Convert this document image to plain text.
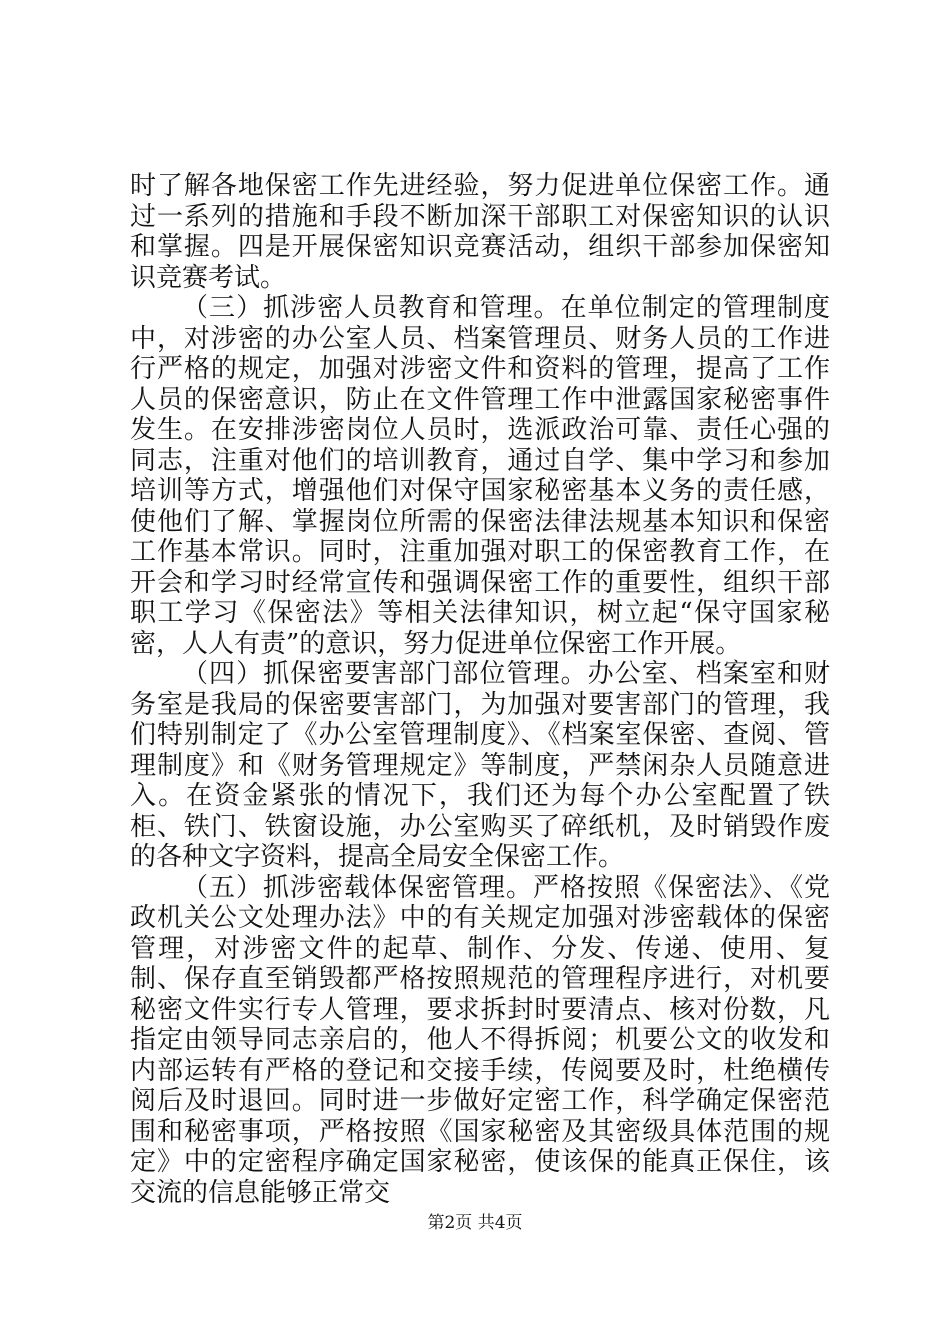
时了解各地保密工作先进经验，努力促进单位保密工作。通过一系列的措施和手段不断加深干部职工对保密知识的认识和掌握。四是开展保密知识竞赛活动，组织干部参加保密知识竞赛考试。

（三）抓涉密人员教育和管理。在单位制定的管理制度中，对涉密的办公室人员、档案管理员、财务人员的工作进行严格的规定，加强对涉密文件和资料的管理，提高了工作人员的保密意识，防止在文件管理工作中泄露国家秘密事件发生。在安排涉密岗位人员时，选派政治可靠、责任心强的同志，注重对他们的培训教育，通过自学、集中学习和参加培训等方式，增强他们对保守国家秘密基本义务的责任感，使他们了解、掌握岗位所需的保密法律法规基本知识和保密工作基本常识。同时，注重加强对职工的保密教育工作，在开会和学习时经常宣传和强调保密工作的重要性，组织干部职工学习《保密法》等相关法律知识，树立起“保守国家秘密，人人有责”的意识，努力促进单位保密工作开展。

（四）抓保密要害部门部位管理。办公室、档案室和财务室是我局的保密要害部门，为加强对要害部门的管理，我们特别制定了《办公室管理制度》、《档案室保密、查阅、管理制度》和《财务管理规定》等制度，严禁闲杂人员随意进入。在资金紧张的情况下，我们还为每个办公室配置了铁柜、铁门、铁窗设施，办公室购买了碎纸机，及时销毁作废的各种文字资料，提高全局安全保密工作。

（五）抓涉密载体保密管理。严格按照《保密法》、《党政机关公文处理办法》中的有关规定加强对涉密载体的保密管理，对涉密文件的起草、制作、分发、传递、使用、复制、保存直至销毁都严格按照规范的管理程序进行，对机要秘密文件实行专人管理，要求拆封时要清点、核对份数，凡指定由领导同志亲启的，他人不得拆阅；机要公文的收发和内部运转有严格的登记和交接手续，传阅要及时，杜绝横传阅后及时退回。同时进一步做好定密工作，科学确定保密范围和秘密事项，严格按照《国家秘密及其密级具体范围的规定》中的定密程序确定国家秘密，使该保的能真正保住，该交流的信息能够正常交

第2页 共4页
